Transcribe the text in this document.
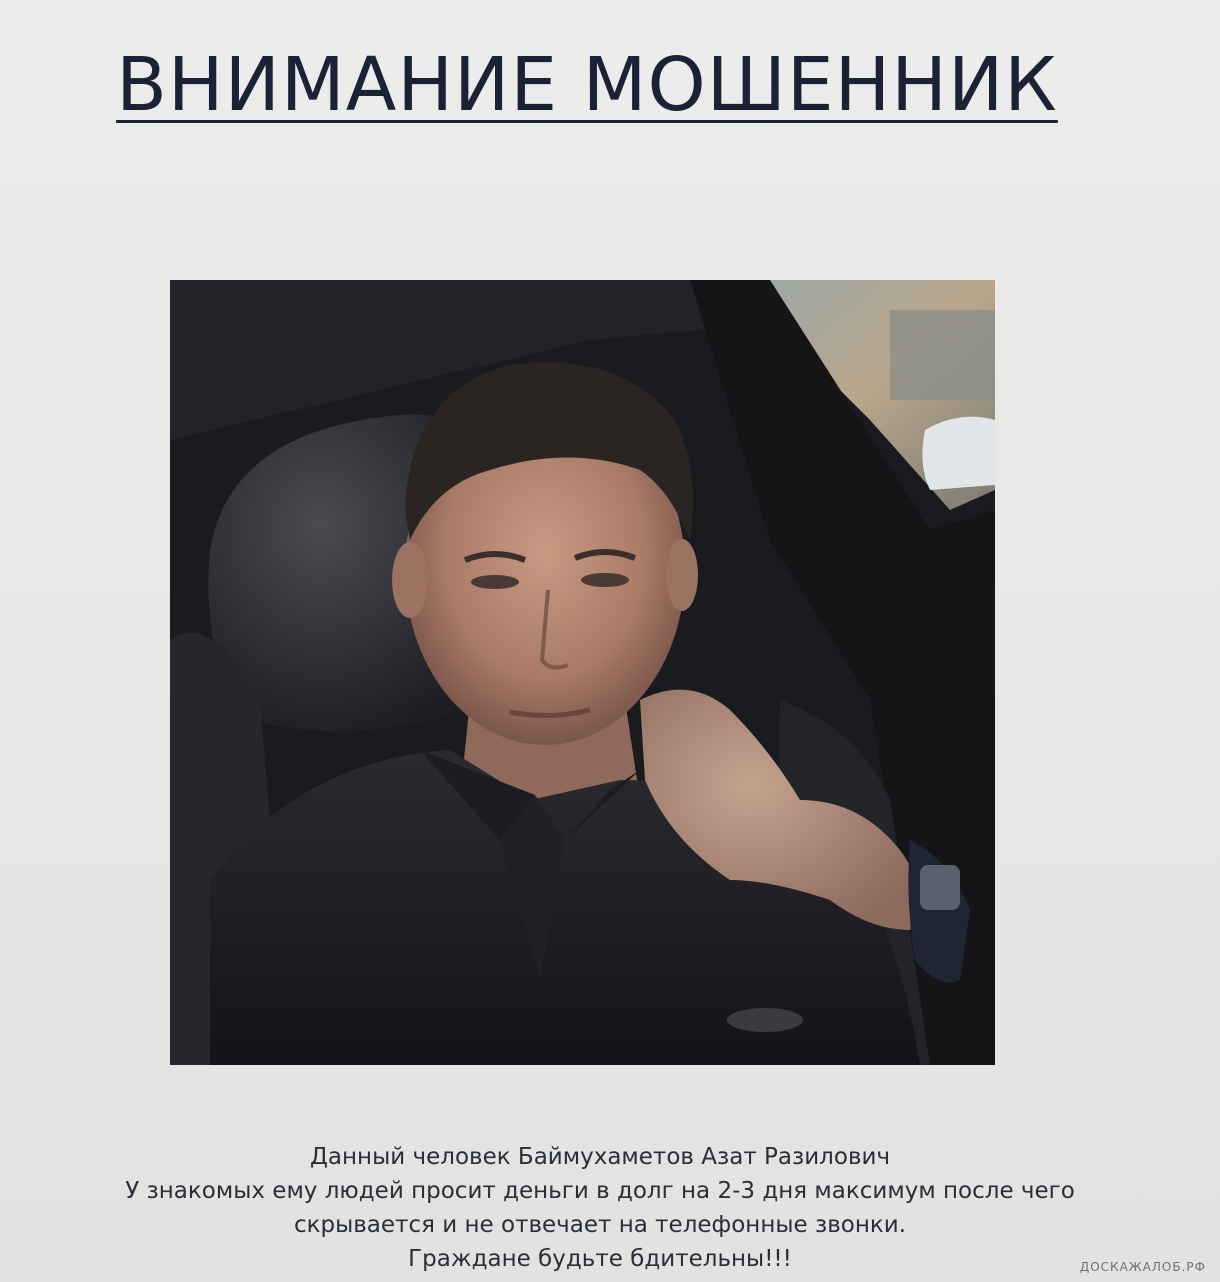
ВНИМАНИЕ МОШЕННИК
Данный человек Баймухаметов Азат Разилович
У знакомых ему людей просит деньги в долг на 2-3 дня максимум после чего
скрывается и не отвечает на телефонные звонки.
Граждане будьте бдительны!!!	ДОСКАЖАЛОБ.РФ
